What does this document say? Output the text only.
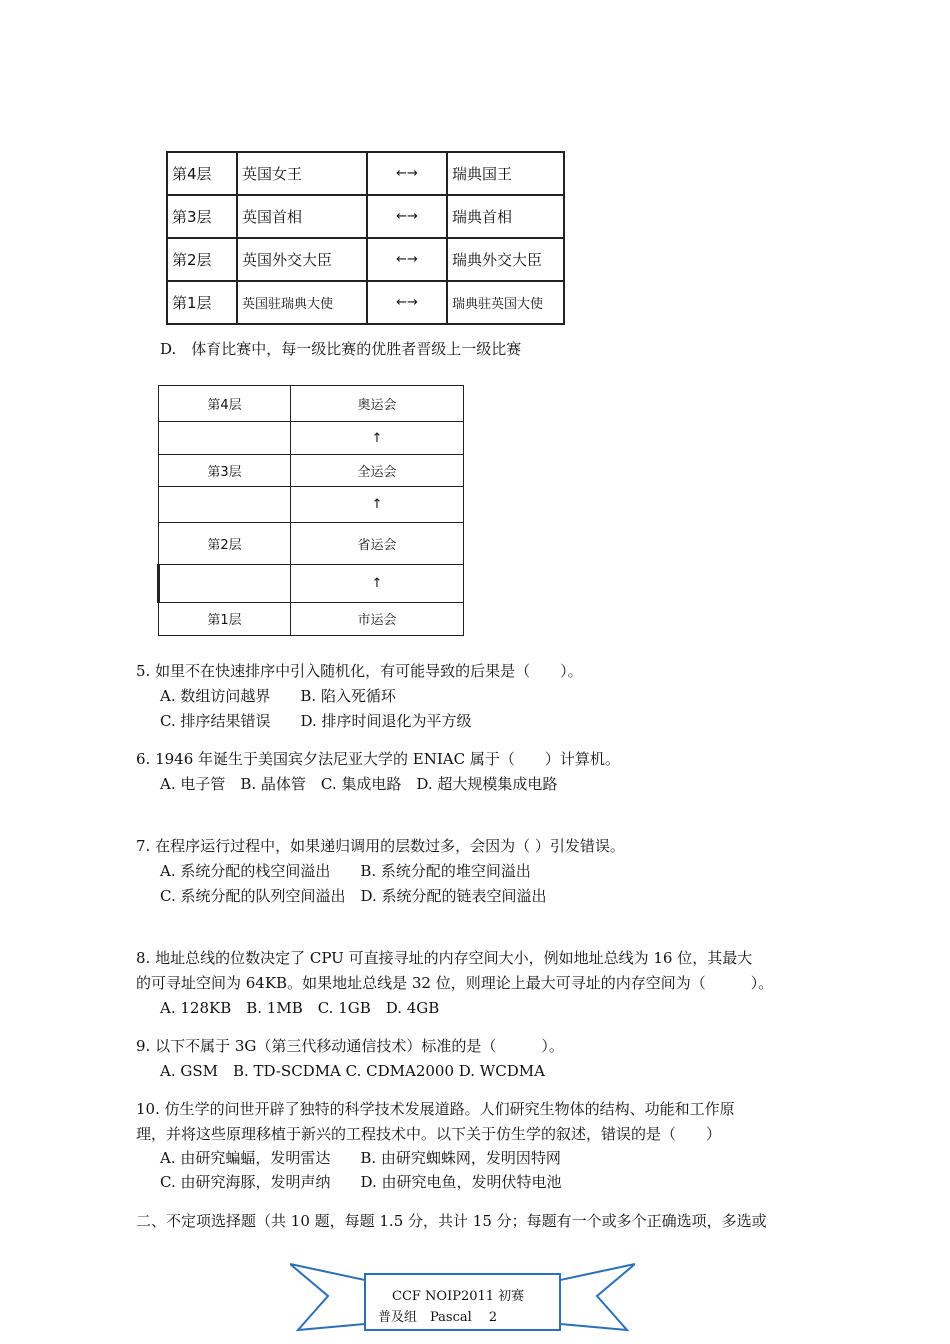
第4层	英国女王	←→	瑞典国王
第3层	英国首相	←→	瑞典首相
第2层	英国外交大臣	←→	瑞典外交大臣
第1层	英国驻瑞典大使	←→	瑞典驻英国大使
D.　体育比赛中，每一级比赛的优胜者晋级上一级比赛
第4层	奥运会
	↑
第3层	全运会
	↑
第2层	省运会
	↑
第1层	市运会
5. 如里不在快速排序中引入随机化，有可能导致的后果是（　　）。
A. 数组访问越界　　B. 陷入死循环
C. 排序结果错误　　D. 排序时间退化为平方级
6. 1946 年诞生于美国宾夕法尼亚大学的 ENIAC 属于（　　）计算机。
A. 电子管　B. 晶体管　C. 集成电路　D. 超大规模集成电路
7. 在程序运行过程中，如果递归调用的层数过多，会因为（ ）引发错误。
A. 系统分配的栈空间溢出　　B. 系统分配的堆空间溢出
C. 系统分配的队列空间溢出　D. 系统分配的链表空间溢出
8. 地址总线的位数决定了 CPU 可直接寻址的内存空间大小，例如地址总线为 16 位，其最大
的可寻址空间为 64KB。如果地址总线是 32 位，则理论上最大可寻址的内存空间为（　　　）。
A. 128KB　B. 1MB　C. 1GB　D. 4GB
9. 以下不属于 3G（第三代移动通信技术）标准的是（　　　）。
A. GSM　B. TD-SCDMA C. CDMA2000 D. WCDMA
10. 仿生学的问世开辟了独特的科学技术发展道路。人们研究生物体的结构、功能和工作原
理，并将这些原理移植于新兴的工程技术中。以下关于仿生学的叙述，错误的是（　　）
A. 由研究蝙蝠，发明雷达　　B. 由研究蜘蛛网，发明因特网
C. 由研究海豚，发明声纳　　D. 由研究电鱼，发明伏特电池
二、不定项选择题（共 10 题，每题 1.5 分，共计 15 分；每题有一个或多个正确选项，多选或
CCF NOIP2011 初赛
普及组　Pascal　 2
